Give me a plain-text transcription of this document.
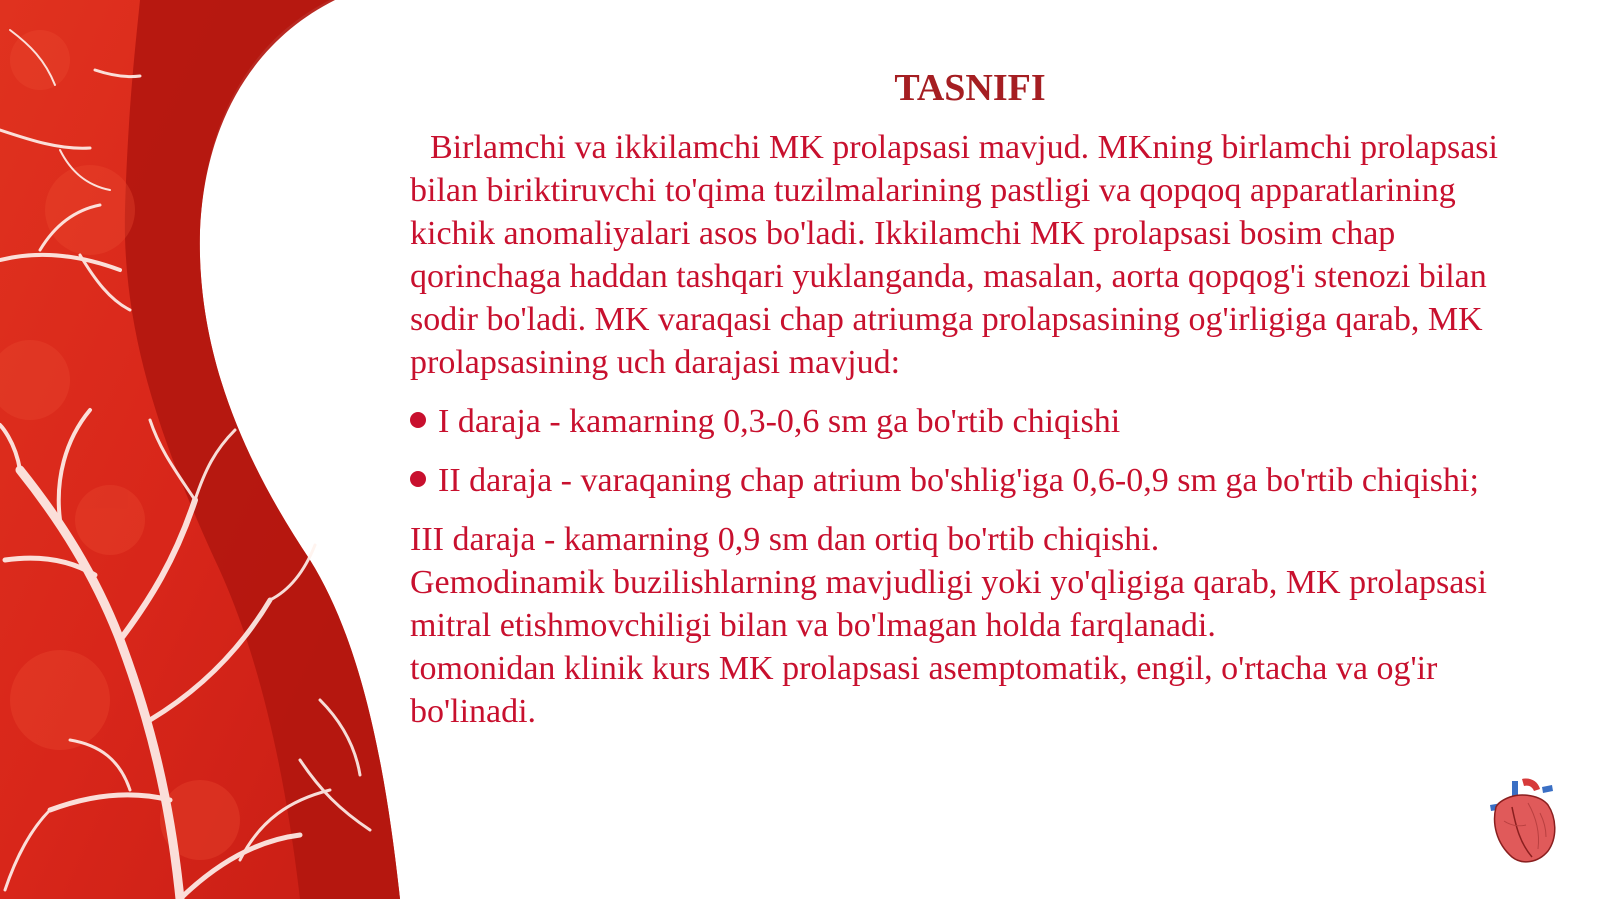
TASNIFI

Birlamchi va ikkilamchi MK prolapsasi mavjud. MKning birlamchi prolapsasi bilan biriktiruvchi to'qima tuzilmalarining pastligi va qopqoq apparatlarining kichik anomaliyalari asos bo'ladi. Ikkilamchi MK prolapsasi bosim chap qorinchaga haddan tashqari yuklanganda, masalan, aorta qopqog'i stenozi bilan sodir bo'ladi. MK varaqasi chap atriumga prolapsasining og'irligiga qarab, MK prolapsasining uch darajasi mavjud:

I daraja - kamarning 0,3-0,6 sm ga bo'rtib chiqishi

II daraja - varaqaning chap atrium bo'shlig'iga 0,6-0,9 sm ga bo'rtib chiqishi;

III daraja - kamarning 0,9 sm dan ortiq bo'rtib chiqishi.

Gemodinamik buzilishlarning mavjudligi yoki yo'qligiga qarab, MK prolapsasi mitral etishmovchiligi bilan va bo'lmagan holda farqlanadi.

tomonidan klinik kurs MK prolapsasi asemptomatik, engil, o'rtacha va og'ir bo'linadi.
